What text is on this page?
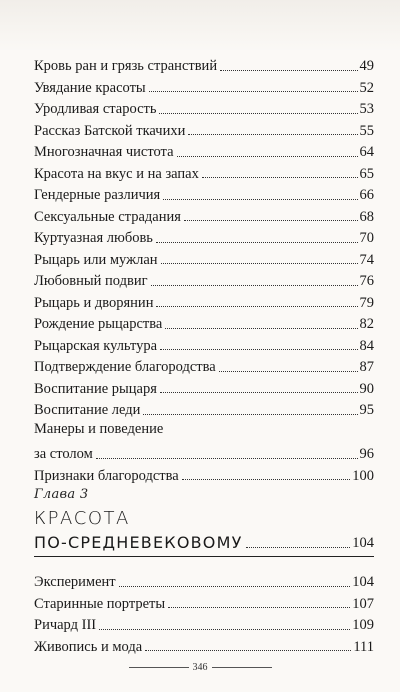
Кровь ран и грязь странствий	49
Увядание красоты	52
Уродливая старость	53
Рассказ Батской ткачихи	55
Многозначная чистота	64
Красота на вкус и на запах	65
Гендерные различия	66
Сексуальные страдания	68
Куртуазная любовь	70
Рыцарь или мужлан	74
Любовный подвиг	76
Рыцарь и дворянин	79
Рождение рыцарства	82
Рыцарская культура	84
Подтверждение благородства	87
Воспитание рыцаря	90
Воспитание леди	95
Манеры и поведение
за столом	96
Признаки благородства	100
Глава 3
КРАСОТА
ПО-СРЕДНЕВЕКОВОМУ	104
Эксперимент	104
Старинные портреты	107
Ричард III	109
Живопись и мода	111
346
